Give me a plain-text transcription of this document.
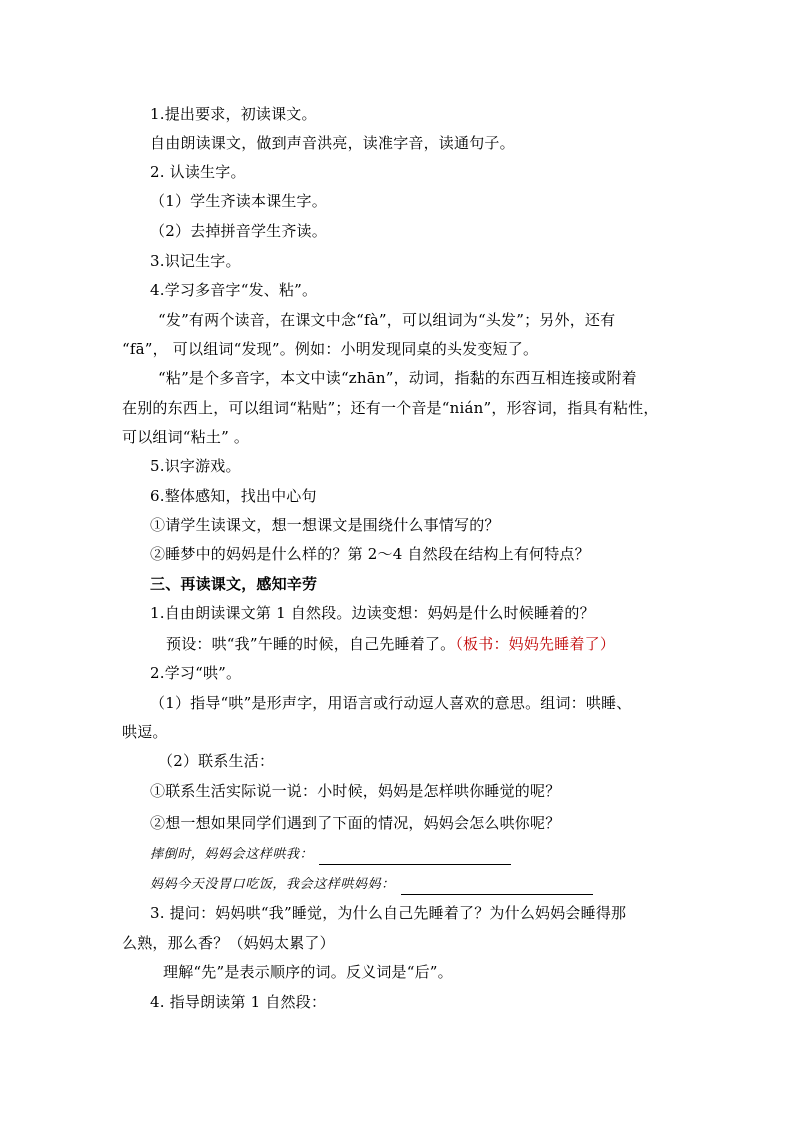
1.提出要求，初读课文。
自由朗读课文，做到声音洪亮，读准字音，读通句子。
2. 认读生字。
（1）学生齐读本课生字。
（2）去掉拼音学生齐读。
3.识记生字。
4.学习多音字“发、粘”。
“发”有两个读音，在课文中念“fà”，可以组词为“头发”；另外，还有
“fā”， 可以组词“发现”。例如：小明发现同桌的头发变短了。
“粘”是个多音字，本文中读“zhān”，动词，指黏的东西互相连接或附着
在别的东西上，可以组词“粘贴”；还有一个音是“nián”，形容词，指具有粘性，
可以组词“粘土” 。
5.识字游戏。
6.整体感知，找出中心句
①请学生读课文，想一想课文是围绕什么事情写的？
②睡梦中的妈妈是什么样的？第 2～4 自然段在结构上有何特点？
三、再读课文，感知辛劳
1.自由朗读课文第 1 自然段。边读变想：妈妈是什么时候睡着的？
预设：哄“我”午睡的时候，自己先睡着了。（板书：妈妈先睡着了）
2.学习“哄”。
（1）指导“哄”是形声字，用语言或行动逗人喜欢的意思。组词：哄睡、
哄逗。
（2）联系生活：
①联系生活实际说一说：小时候，妈妈是怎样哄你睡觉的呢？
②想一想如果同学们遇到了下面的情况，妈妈会怎么哄你呢？
摔倒时，妈妈会这样哄我：
妈妈今天没胃口吃饭，我会这样哄妈妈：
3. 提问：妈妈哄“我”睡觉，为什么自己先睡着了？为什么妈妈会睡得那
么熟，那么香？（妈妈太累了）
理解“先”是表示顺序的词。反义词是“后”。
4. 指导朗读第 1 自然段：
